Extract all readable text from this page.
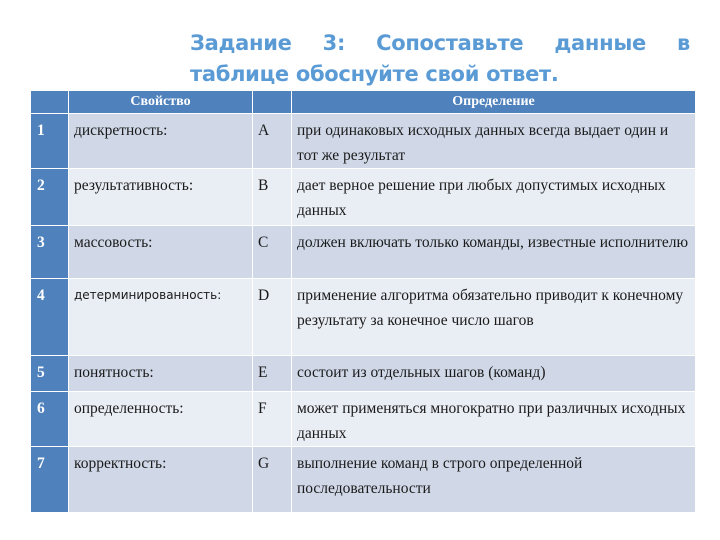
Задание 3: Сопоставьте данные в
таблице обоснуйте свой ответ.
	Свойство		Определение
1	дискретность:	A	при одинаковых исходных данных всегда выдает один и тот же результат
2	результативность:	B	дает верное решение при любых допустимых исходных данных
3	массовость:	C	должен включать только команды, известные исполнителю
4	детерминированность:	D	применение алгоритма обязательно приводит к конечному результату за конечное число шагов
5	понятность:	E	состоит из отдельных шагов (команд)
6	определенность:	F	может применяться многократно при различных исходных данных
7	корректность:	G	выполнение команд в строго определенной последовательности
